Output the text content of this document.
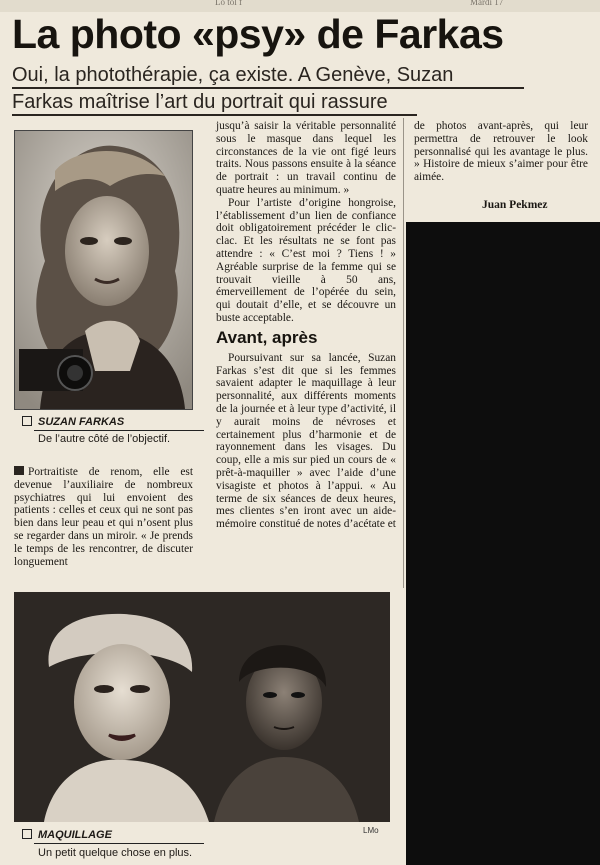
Lo tol f	Mardi 17
La photo «psy» de Farkas
Oui, la photothérapie, ça existe. A Genève, Suzan
Farkas maîtrise l’art du portrait qui rassure
SUZAN FARKAS
De l’autre côté de l’objectif.

Portraitiste de renom, elle est devenue l’auxiliaire de nombreux psychiatres qui lui envoient des patients : celles et ceux qui ne sont pas bien dans leur peau et qui n’osent plus se regarder dans un miroir. « Je prends le temps de les rencontrer, de discuter longuement

jusqu’à saisir la véritable personnalité sous le masque dans lequel les circonstances de la vie ont figé leurs traits. Nous passons ensuite à la séance de portrait : un travail continu de quatre heures au minimum. »

Pour l’artiste d’origine hongroise, l’établissement d’un lien de confiance doit obligatoirement précéder le clic-clac. Et les résultats ne se font pas attendre : « C’est moi ? Tiens ! » Agréable surprise de la femme qui se trouvait vieille à 50 ans, émerveillement de l’opérée du sein, qui doutait d’elle, et se découvre un buste acceptable.

Avant, après

Poursuivant sur sa lancée, Suzan Farkas s’est dit que si les femmes savaient adapter le maquillage à leur personnalité, aux différents moments de la journée et à leur type d’activité, il y aurait moins de névroses et certainement plus d’harmonie et de rayonnement dans les visages. Du coup, elle a mis sur pied un cours de « prêt-à-maquiller » avec l’aide d’une visagiste et photos à l’appui. « Au terme de six séances de deux heures, mes clientes s’en iront avec un aide-mémoire constitué de notes d’acétate et

de photos avant-après, qui leur permettra de retrouver le look personnalisé qui les avantage le plus. » Histoire de mieux s’aimer pour être aimée.

Juan Pekmez
MAQUILLAGE
Un petit quelque chose en plus.
LMo
